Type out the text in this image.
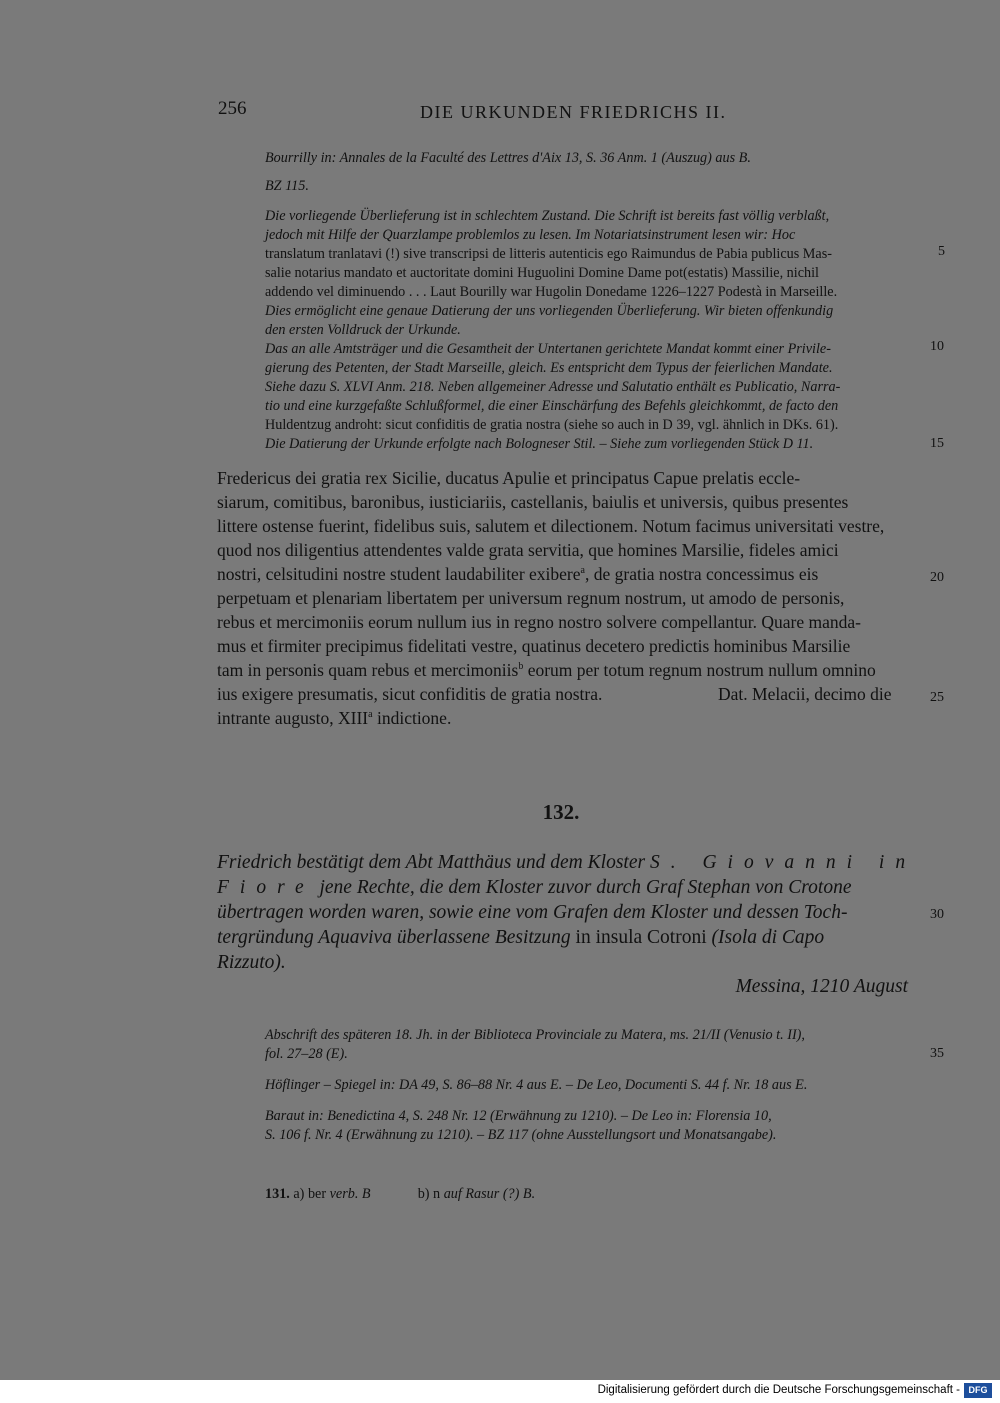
256	DIE URKUNDEN FRIEDRICHS II.
Bourrilly in: Annales de la Faculté des Lettres d'Aix 13, S. 36 Anm. 1 (Auszug) aus B.
BZ 115.
Die vorliegende Überlieferung ist in schlechtem Zustand. Die Schrift ist bereits fast völlig verblaßt,
jedoch mit Hilfe der Quarzlampe problemlos zu lesen. Im Notariatsinstrument lesen wir: Hoc
translatum tranlatavi (!) sive transcripsi de litteris autenticis ego Raimundus de Pabia publicus Mas-
salie notarius mandato et auctoritate domini Huguolini Domine Dame pot(estatis) Massilie, nichil
addendo vel diminuendo . . . Laut Bourilly war Hugolin Donedame 1226–1227 Podestà in Marseille.
Dies ermöglicht eine genaue Datierung der uns vorliegenden Überlieferung. Wir bieten offenkundig
den ersten Volldruck der Urkunde.
Das an alle Amtsträger und die Gesamtheit der Untertanen gerichtete Mandat kommt einer Privile-
gierung des Petenten, der Stadt Marseille, gleich. Es entspricht dem Typus der feierlichen Mandate.
Siehe dazu S. XLVI Anm. 218. Neben allgemeiner Adresse und Salutatio enthält es Publicatio, Narra-
tio und eine kurzgefaßte Schlußformel, die einer Einschärfung des Befehls gleichkommt, de facto den
Huldentzug androht: sicut confiditis de gratia nostra (siehe so auch in D 39, vgl. ähnlich in DKs. 61).
Die Datierung der Urkunde erfolgte nach Bologneser Stil. – Siehe zum vorliegenden Stück D 11.
Fredericus dei gratia rex Sicilie, ducatus Apulie et principatus Capue prelatis eccle-
siarum, comitibus, baronibus, iusticiariis, castellanis, baiulis et universis, quibus presentes
littere ostense fuerint, fidelibus suis, salutem et dilectionem. Notum facimus universitati vestre,
quod nos diligentius attendentes valde grata servitia, que homines Marsilie, fideles amici
nostri, celsitudini nostre student laudabiliter exibere$^a$, de gratia nostra concessimus eis
perpetuam et plenariam libertatem per universum regnum nostrum, ut amodo de personis,
rebus et mercimoniis eorum nullum ius in regno nostro solvere compellantur. Quare manda-
mus et firmiter precipimus fidelitati vestre, quatinus decetero predictis hominibus Marsilie
tam in personis quam rebus et mercimoniis$^b$ eorum per totum regnum nostrum nullum omnino
ius exigere presumatis, sicut confiditis de gratia nostra.	Dat. Melacii, decimo die
intrante augusto, XIII$^a$ indictione.
132.
Friedrich bestätigt dem Abt Matthäus und dem Kloster S. Giovanni in
Fiore jene Rechte, die dem Kloster zuvor durch Graf Stephan von Crotone
übertragen worden waren, sowie eine vom Grafen dem Kloster und dessen Toch-
tergründung Aquaviva überlassene Besitzung in insula Cotroni (Isola di Capo
Rizzuto).
Messina, 1210 August
Abschrift des späteren 18. Jh. in der Biblioteca Provinciale zu Matera, ms. 21/II (Venusio t. II),
fol. 27–28 (E).
Höflinger – Spiegel in: DA 49, S. 86–88 Nr. 4 aus E. – De Leo, Documenti S. 44 f. Nr. 18 aus E.
Baraut in: Benedictina 4, S. 248 Nr. 12 (Erwähnung zu 1210). – De Leo in: Florensia 10,
S. 106 f. Nr. 4 (Erwähnung zu 1210). – BZ 117 (ohne Ausstellungsort und Monatsangabe).
131. a) ber verb. B	b) n auf Rasur (?) B.
5
10
15
20
25
30
35
Digitalisierung gefördert durch die Deutsche Forschungsgemeinschaft - DFG
